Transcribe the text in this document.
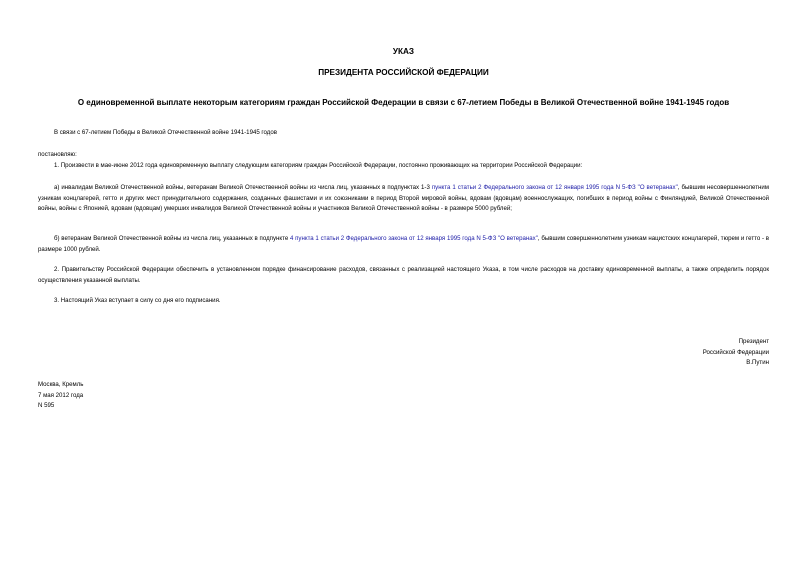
УКАЗ
ПРЕЗИДЕНТА РОССИЙСКОЙ ФЕДЕРАЦИИ
О единовременной выплате некоторым категориям граждан Российской Федерации в связи с 67-летием Победы в Великой Отечественной войне 1941-1945 годов
В связи с 67-летием Победы в Великой Отечественной войне 1941-1945 годов
постановляю:
1. Произвести в мае-июне 2012 года единовременную выплату следующим категориям граждан Российской Федерации, постоянно проживающих на территории Российской Федерации:
а) инвалидам Великой Отечественной войны, ветеранам Великой Отечественной войны из числа лиц, указанных в подпунктах 1-3 пункта 1 статьи 2 Федерального закона от 12 января 1995 года N 5-ФЗ "О ветеранах", бывшим несовершеннолетним узникам концлагерей, гетто и других мест принудительного содержания, созданных фашистами и их союзниками в период Второй мировой войны, вдовам (вдовцам) военнослужащих, погибших в период войны с Финляндией, Великой Отечественной войны, войны с Японией, вдовам (вдовцам) умерших инвалидов Великой Отечественной войны и участников Великой Отечественной войны - в размере 5000 рублей;
б) ветеранам Великой Отечественной войны из числа лиц, указанных в подпункте 4 пункта 1 статьи 2 Федерального закона от 12 января 1995 года N 5-ФЗ "О ветеранах", бывшим совершеннолетним узникам нацистских концлагерей, тюрем и гетто - в размере 1000 рублей.
2. Правительству Российской Федерации обеспечить в установленном порядке финансирование расходов, связанных с реализацией настоящего Указа, в том числе расходов на доставку единовременной выплаты, а также определить порядок осуществления указанной выплаты.
3. Настоящий Указ вступает в силу со дня его подписания.
Президент
Российской Федерации
В.Путин
Москва, Кремль
7 мая 2012 года
N 595
